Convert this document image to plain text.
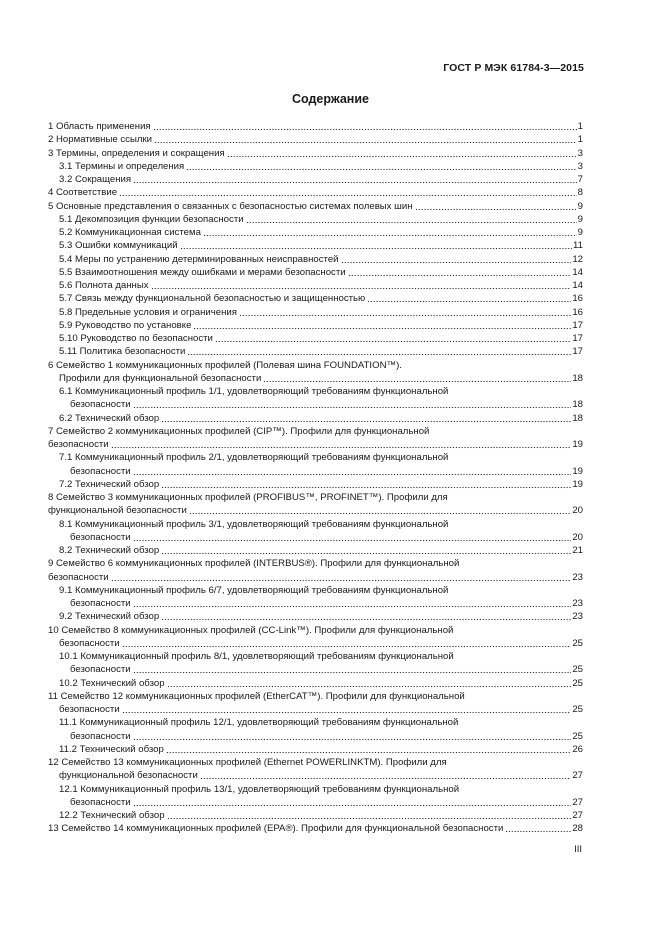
ГОСТ Р МЭК 61784-3—2015
Содержание
1 Область применения	1
2 Нормативные ссылки	1
3 Термины, определения и сокращения	3
3.1 Термины и определения	3
3.2 Сокращения	7
4 Соответствие	8
5 Основные представления о связанных с безопасностью системах полевых шин	9
5.1 Декомпозиция функции безопасности	9
5.2 Коммуникационная система	9
5.3 Ошибки коммуникаций	11
5.4 Меры по устранению детерминированных неисправностей	12
5.5 Взаимоотношения между ошибками и мерами безопасности	14
5.6 Полнота данных	14
5.7 Связь между функциональной безопасностью и защищенностью	16
5.8 Предельные условия и ограничения	16
5.9 Руководство по установке	17
5.10 Руководство по безопасности	17
5.11 Политика безопасности	17
6 Семейство 1 коммуникационных профилей (Полевая шина FOUNDATION™).
Профили для функциональной безопасности	18
6.1 Коммуникационный профиль 1/1, удовлетворяющий требованиям функциональной
безопасности	18
6.2 Технический обзор	18
7 Семейство 2 коммуникационных профилей (CIP™). Профили для функциональной
безопасности	19
7.1 Коммуникационный профиль 2/1, удовлетворяющий требованиям функциональной
безопасности	19
7.2 Технический обзор	19
8 Семейство 3 коммуникационных профилей (PROFIBUS™, PROFINET™). Профили для
функциональной безопасности	20
8.1 Коммуникационный профиль 3/1, удовлетворяющий требованиям функциональной
безопасности	20
8.2 Технический обзор	21
9 Семейство 6 коммуникационных профилей (INTERBUS®). Профили для функциональной
безопасности	23
9.1 Коммуникационный профиль 6/7, удовлетворяющий требованиям функциональной
безопасности	23
9.2 Технический обзор	23
10 Семейство 8 коммуникационных профилей (CC-Link™). Профили для функциональной
безопасности	25
10.1 Коммуникационный профиль 8/1, удовлетворяющий требованиям функциональной
безопасности	25
10.2 Технический обзор	25
11 Семейство 12 коммуникационных профилей (EtherCAT™). Профили для функциональной
безопасности	25
11.1 Коммуникационный профиль 12/1, удовлетворяющий требованиям функциональной
безопасности	25
11.2 Технический обзор	26
12 Семейство 13 коммуникационных профилей (Ethernet POWERLINKTM). Профили для
функциональной безопасности	27
12.1 Коммуникационный профиль 13/1, удовлетворяющий требованиям функциональной
безопасности	27
12.2 Технический обзор	27
13 Семейство 14 коммуникационных профилей (EPA®). Профили для функциональной безопасности	28
III
